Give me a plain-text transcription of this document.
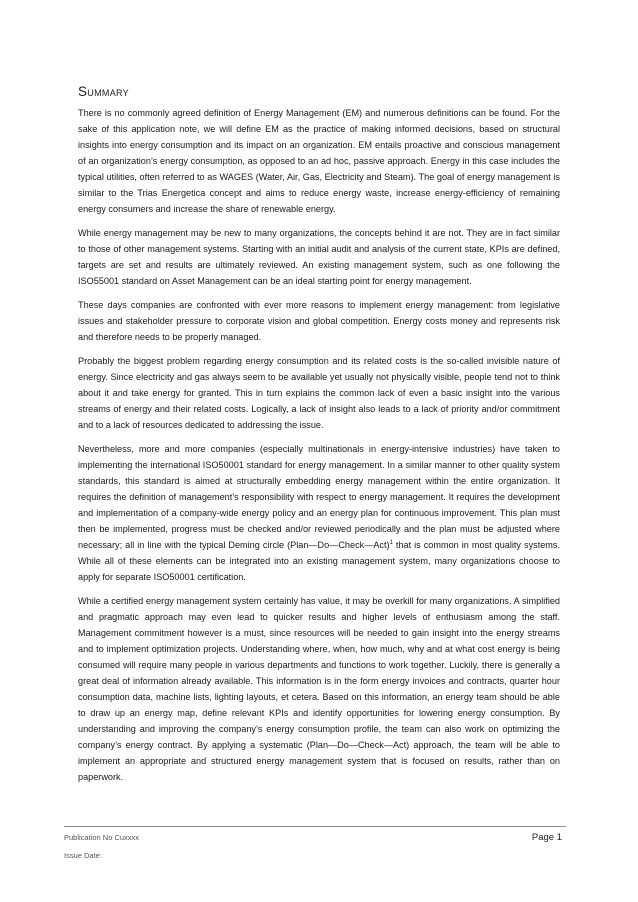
Summary

There is no commonly agreed definition of Energy Management (EM) and numerous definitions can be found. For the sake of this application note, we will define EM as the practice of making informed decisions, based on structural insights into energy consumption and its impact on an organization. EM entails proactive and conscious management of an organization’s energy consumption, as opposed to an ad hoc, passive approach. Energy in this case includes the typical utilities, often referred to as WAGES (Water, Air, Gas, Electricity and Steam). The goal of energy management is similar to the Trias Energetica concept and aims to reduce energy waste, increase energy-efficiency of remaining energy consumers and increase the share of renewable energy.

While energy management may be new to many organizations, the concepts behind it are not. They are in fact similar to those of other management systems. Starting with an initial audit and analysis of the current state, KPIs are defined, targets are set and results are ultimately reviewed. An existing management system, such as one following the ISO55001 standard on Asset Management can be an ideal starting point for energy management.

These days companies are confronted with ever more reasons to implement energy management: from legislative issues and stakeholder pressure to corporate vision and global competition. Energy costs money and represents risk and therefore needs to be properly managed.

Probably the biggest problem regarding energy consumption and its related costs is the so-called invisible nature of energy. Since electricity and gas always seem to be available yet usually not physically visible, people tend not to think about it and take energy for granted. This in turn explains the common lack of even a basic insight into the various streams of energy and their related costs. Logically, a lack of insight also leads to a lack of priority and/or commitment and to a lack of resources dedicated to addressing the issue.

Nevertheless, more and more companies (especially multinationals in energy-intensive industries) have taken to implementing the international ISO50001 standard for energy management. In a similar manner to other quality system standards, this standard is aimed at structurally embedding energy management within the entire organization. It requires the definition of management’s responsibility with respect to energy management. It requires the development and implementation of a company-wide energy policy and an energy plan for continuous improvement. This plan must then be implemented, progress must be checked and/or reviewed periodically and the plan must be adjusted where necessary; all in line with the typical Deming circle (Plan—Do—Check—Act)$^1$ that is common in most quality systems. While all of these elements can be integrated into an existing management system, many organizations choose to apply for separate ISO50001 certification.

While a certified energy management system certainly has value, it may be overkill for many organizations. A simplified and pragmatic approach may even lead to quicker results and higher levels of enthusiasm among the staff. Management commitment however is a must, since resources will be needed to gain insight into the energy streams and to implement optimization projects. Understanding where, when, how much, why and at what cost energy is being consumed will require many people in various departments and functions to work together. Luckily, there is generally a great deal of information already available. This information is in the form energy invoices and contracts, quarter hour consumption data, machine lists, lighting layouts, et cetera. Based on this information, an energy team should be able to draw up an energy map, define relevant KPIs and identify opportunities for lowering energy consumption. By understanding and improving the company’s energy consumption profile, the team can also work on optimizing the company’s energy contract. By applying a systematic (Plan—Do—Check—Act) approach, the team will be able to implement an appropriate and structured energy management system that is focused on results, rather than on paperwork.

Publication No Cuxxxx	Page 1
Issue Date:
